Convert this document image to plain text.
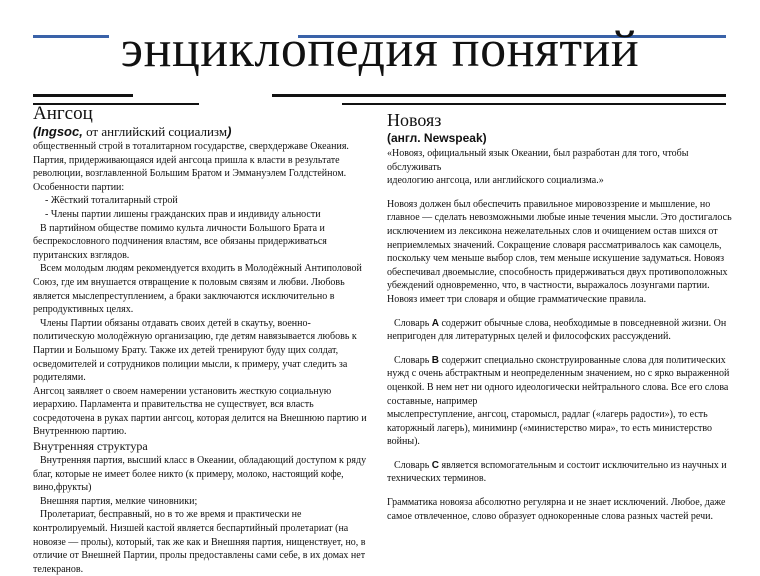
энциклопедия понятий
Ангсоц
(Ingsoc, от английский социализм)

общественный строй в тоталитарном государстве, сверхдержаве Океания. Партия, придерживающаяся идей ангсоца пришла к власти в результате революции, возглавленной Большим Братом и Эммануэлем Голдстейном.

Особенности партии:

- Жёсткий тоталитарный строй

- Члены партии лишены гражданских прав и индивиду альности

В партийном обществе помимо культа личности Большого Брата и беспрекословного подчинения властям, все обязаны придерживаться пуританских взглядов.

Всем молодым людям рекомендуется входить в Молодёжный Антиполовой Союз, где им внушается отвращение к половым связям и любви. Любовь является мыслепреступлением, а браки заключаются исключительно в репродуктивных целях.

Члены Партии обязаны отдавать своих детей в скаутьy, военно-политическую молодёжную организацию, где детям навязывается любовь к Партии и Большому Брату. Также их детей тренируют буду щих солдат, осведомителей и сотрудников полиции мысли, к примеру, учат следить за родителями.

Ангсоц заявляет о своем намерении установить жесткую социальную иерархию. Парламента и правительства не существует, вся власть сосредоточена в руках партии ангсоц, которая делится на Внешнюю партию и Внутреннюю партию.

Внутренняя структура

Внутренняя партия, высший класс в Океании, обладающий доступом к ряду благ, которые не имеет более никто (к примеру, молоко, настоящий кофе, вино,фрукты)

Внешняя партия, мелкие чиновники;

Пролетариат, бесправный, но в то же время и практически не контролируемый. Низшей кастой является беспартийный пролетариат (на новоязе — пролы), который, так же как и Внешняя партия, нищенствует, но, в отличие от Внешней Партии, пролы предоставлены сами себе, в их домах нет телекранов.

Новояз
(англ. Newspeak)

«Новояз, официальный язык Океании, был разработан для того, чтобы обслуживать

идеологию ангсоца, или английского социализма.»

Новояз должен был обеспечить правильное мировоззрение и мышление, но главное — сделать невозможными любые иные течения мысли. Это достигалось исключением из лексикона нежелательных слов и очищением остав шихся от неприемлемых значений. Сокращение словаря рассматривалось как самоцель, поскольку чем меньше выбор слов, тем меньше искушение задуматься. Новояз обеспечивал двоемыслие, способность придерживаться двух противоположных убеждений одновременно, что, в частности, выражалось лозунгами партии.

Новояз имеет три словаря и общие грамматические правила.

Словарь A содержит обычные слова, необходимые в повседневной жизни. Он непригоден для литературных целей и философских рассуждений.

Словарь B содержит специально сконструированные слова для политических нужд с очень абстрактным и неопределенным значением, но с ярко выраженной оценкой. В нем нет ни одного идеологически нейтрального слова. Все его слова составные, например

мыслепреступление, ангсоц, старомысл, радлаг («лагерь радости»), то есть каторжный лагерь), миниминр («министерство мира», то есть министерство войны).

Словарь C является вспомогательным и состоит исключительно из научных и технических терминов.

Грамматика новояза абсолютно регулярна и не знает исключений. Любое, даже самое отвлеченное, слово образует однокоренные слова разных частей речи.
